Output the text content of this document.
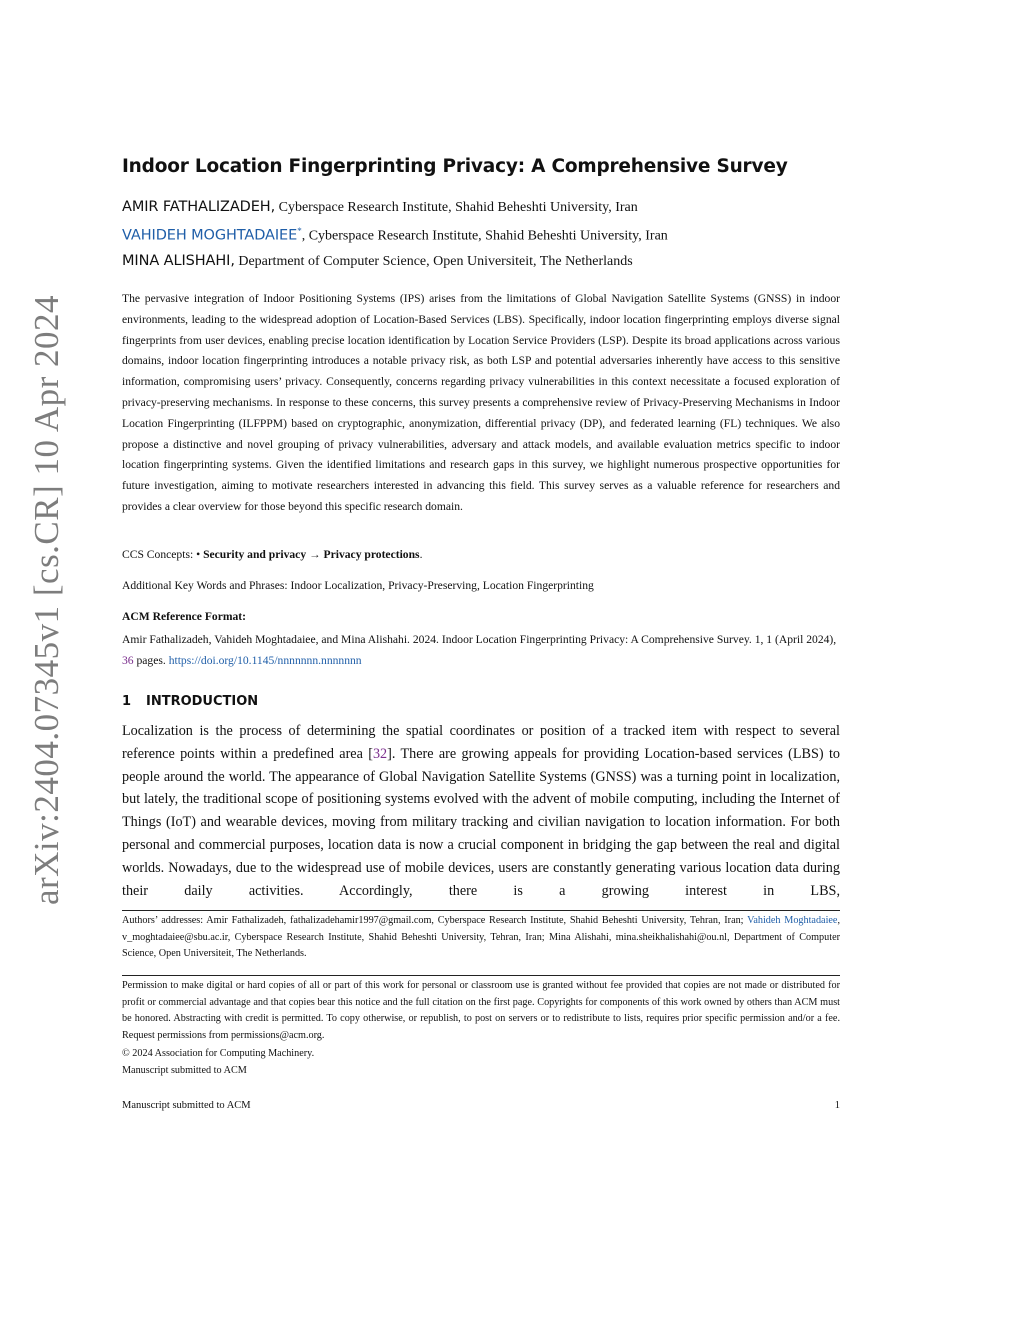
arXiv:2404.07345v1 [cs.CR] 10 Apr 2024
Indoor Location Fingerprinting Privacy: A Comprehensive Survey
AMIR FATHALIZADEH, Cyberspace Research Institute, Shahid Beheshti University, Iran
VAHIDEH MOGHTADAIEE*, Cyberspace Research Institute, Shahid Beheshti University, Iran
MINA ALISHAHI, Department of Computer Science, Open Universiteit, The Netherlands

The pervasive integration of Indoor Positioning Systems (IPS) arises from the limitations of Global Navigation Satellite Systems (GNSS) in indoor environments, leading to the widespread adoption of Location-Based Services (LBS). Specifically, indoor location fingerprinting employs diverse signal fingerprints from user devices, enabling precise location identification by Location Service Providers (LSP). Despite its broad applications across various domains, indoor location fingerprinting introduces a notable privacy risk, as both LSP and potential adversaries inherently have access to this sensitive information, compromising users’ privacy. Consequently, concerns regarding privacy vulnerabilities in this context necessitate a focused exploration of privacy-preserving mechanisms. In response to these concerns, this survey presents a comprehensive review of Privacy-Preserving Mechanisms in Indoor Location Fingerprinting (ILFPPM) based on cryptographic, anonymization, differential privacy (DP), and federated learning (FL) techniques. We also propose a distinctive and novel grouping of privacy vulnerabilities, adversary and attack models, and available evaluation metrics specific to indoor location fingerprinting systems. Given the identified limitations and research gaps in this survey, we highlight numerous prospective opportunities for future investigation, aiming to motivate researchers interested in advancing this field. This survey serves as a valuable reference for researchers and provides a clear overview for those beyond this specific research domain.

CCS Concepts: • Security and privacy → Privacy protections.
Additional Key Words and Phrases: Indoor Localization, Privacy-Preserving, Location Fingerprinting
ACM Reference Format:
Amir Fathalizadeh, Vahideh Moghtadaiee, and Mina Alishahi. 2024. Indoor Location Fingerprinting Privacy: A Comprehensive Survey. 1, 1 (April 2024), 36 pages. https://doi.org/10.1145/nnnnnnn.nnnnnnn
1 INTRODUCTION

Localization is the process of determining the spatial coordinates or position of a tracked item with respect to several reference points within a predefined area [32]. There are growing appeals for providing Location-based services (LBS) to people around the world. The appearance of Global Navigation Satellite Systems (GNSS) was a turning point in localization, but lately, the traditional scope of positioning systems evolved with the advent of mobile computing, including the Internet of Things (IoT) and wearable devices, moving from military tracking and civilian navigation to location information. For both personal and commercial purposes, location data is now a crucial component in bridging the gap between the real and digital worlds. Nowadays, due to the widespread use of mobile devices, users are constantly generating various location data during their daily activities. Accordingly, there is a growing interest in LBS,

Authors’ addresses: Amir Fathalizadeh, fathalizadehamir1997@gmail.com, Cyberspace Research Institute, Shahid Beheshti University, Tehran, Iran; Vahideh Moghtadaiee, v_moghtadaiee@sbu.ac.ir, Cyberspace Research Institute, Shahid Beheshti University, Tehran, Iran; Mina Alishahi, mina.sheikhalishahi@ou.nl, Department of Computer Science, Open Universiteit, The Netherlands.

Permission to make digital or hard copies of all or part of this work for personal or classroom use is granted without fee provided that copies are not made or distributed for profit or commercial advantage and that copies bear this notice and the full citation on the first page. Copyrights for components of this work owned by others than ACM must be honored. Abstracting with credit is permitted. To copy otherwise, or republish, to post on servers or to redistribute to lists, requires prior specific permission and/or a fee. Request permissions from permissions@acm.org.

© 2024 Association for Computing Machinery.
Manuscript submitted to ACM
Manuscript submitted to ACM	1
